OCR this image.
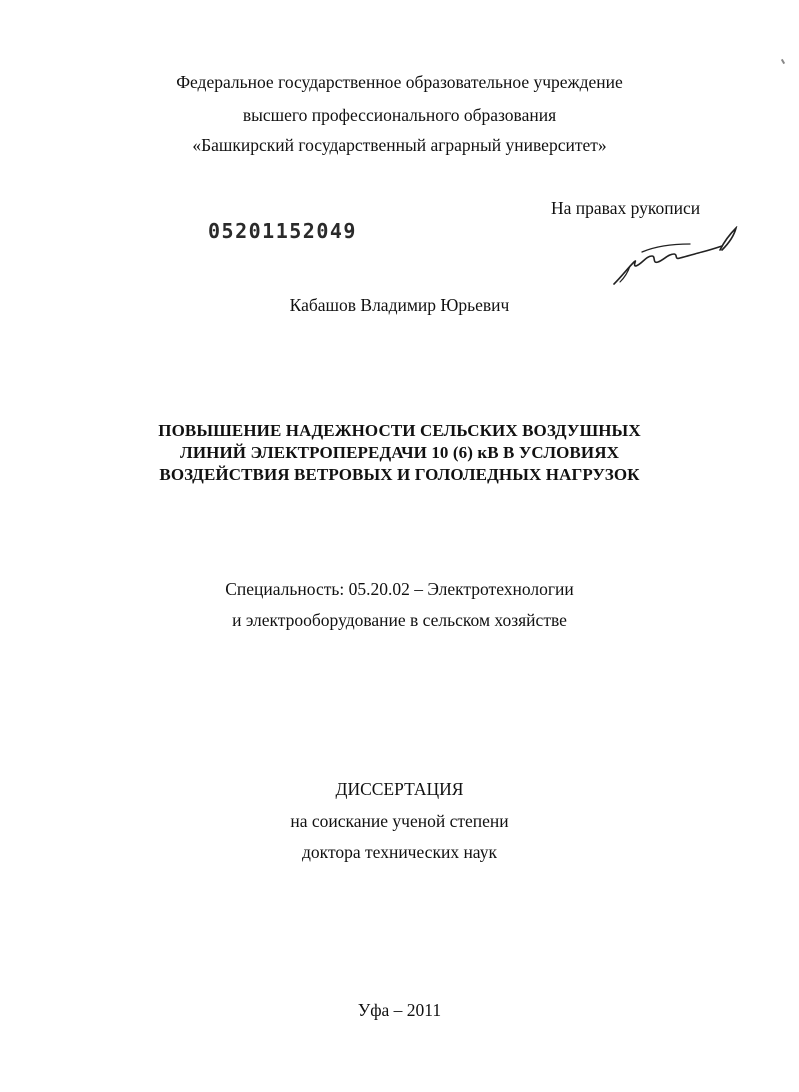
Федеральное государственное образовательное учреждение
высшего профессионального образования
«Башкирский государственный аграрный университет»
На правах рукописи
05201152049
Кабашов Владимир Юрьевич
ПОВЫШЕНИЕ НАДЕЖНОСТИ СЕЛЬСКИХ ВОЗДУШНЫХ
ЛИНИЙ ЭЛЕКТРОПЕРЕДАЧИ 10 (6) кВ В УСЛОВИЯХ
ВОЗДЕЙСТВИЯ ВЕТРОВЫХ И ГОЛОЛЕДНЫХ НАГРУЗОК
Специальность: 05.20.02 – Электротехнологии
и электрооборудование в сельском хозяйстве
ДИССЕРТАЦИЯ
на соискание ученой степени
доктора технических наук
Уфа – 2011
